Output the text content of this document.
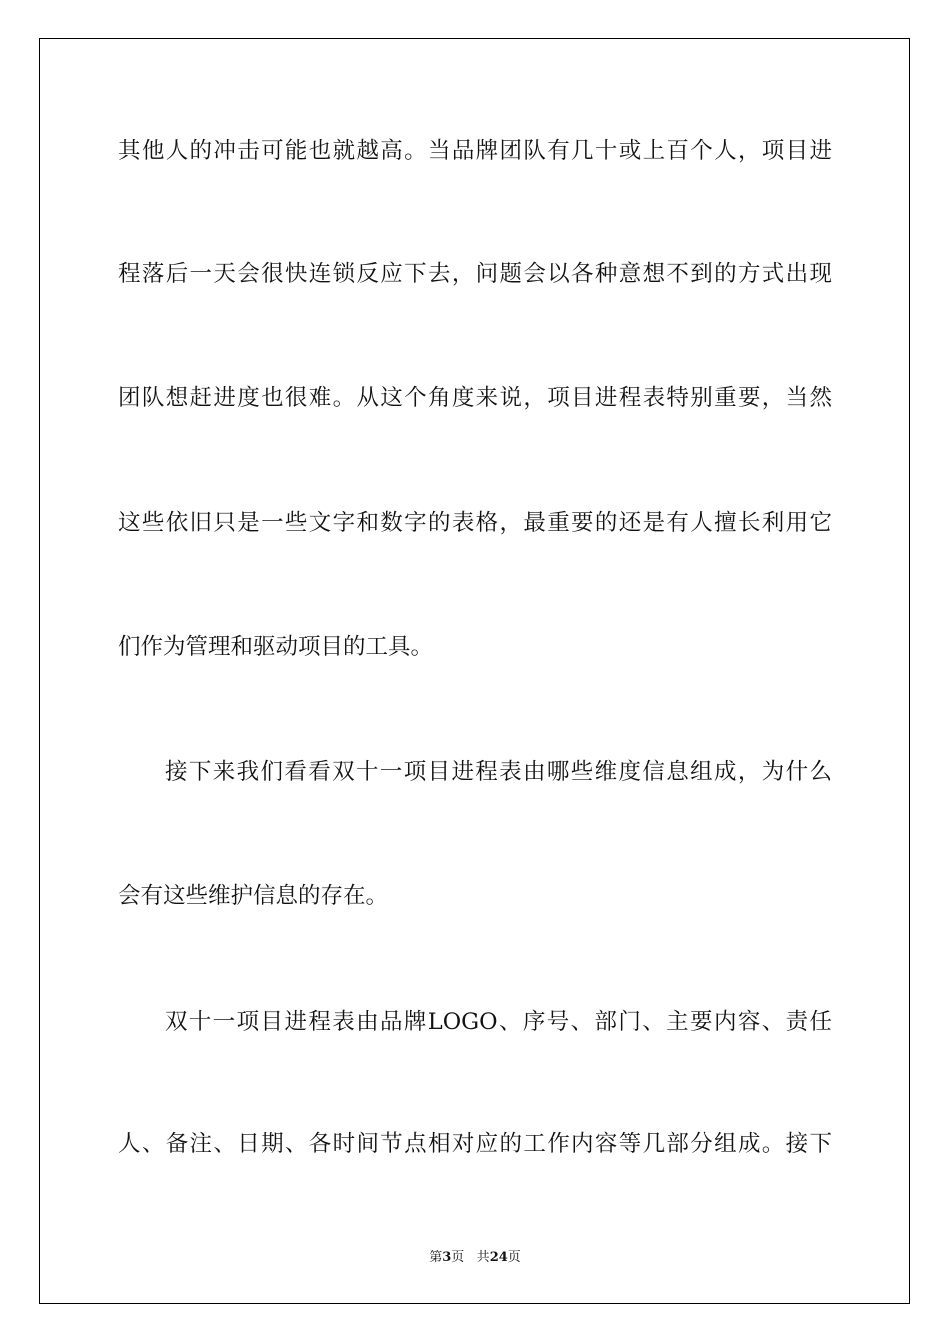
其他人的冲击可能也就越高。当品牌团队有几十或上百个人，项目进
程落后一天会很快连锁反应下去，问题会以各种意想不到的方式出现
团队想赶进度也很难。从这个角度来说，项目进程表特别重要，当然
这些依旧只是一些文字和数字的表格，最重要的还是有人擅长利用它
们作为管理和驱动项目的工具。
接下来我们看看双十一项目进程表由哪些维度信息组成，为什么
会有这些维护信息的存在。
双十一项目进程表由品牌LOGO、序号、部门、主要内容、责任
人、备注、日期、各时间节点相对应的工作内容等几部分组成。接下
第3页 共24页
